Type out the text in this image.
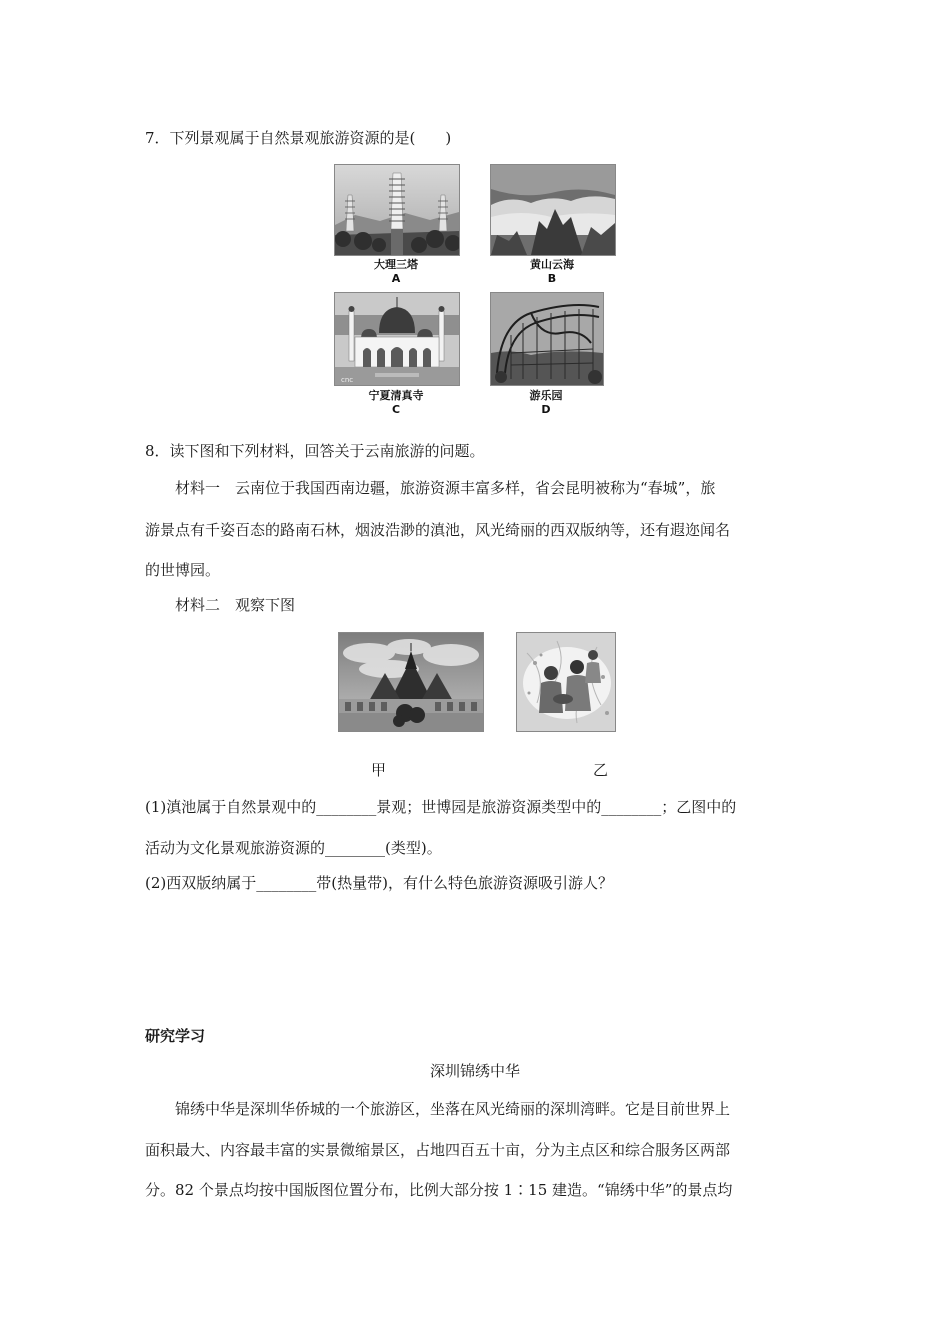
7．下列景观属于自然景观旅游资源的是(　　)
大理三塔
A
黄山云海
B
cnc
宁夏清真寺
C
游乐园
D
8．读下图和下列材料，回答关于云南旅游的问题。
材料一　云南位于我国西南边疆，旅游资源丰富多样，省会昆明被称为“春城”，旅
游景点有千姿百态的路南石林，烟波浩渺的滇池，风光绮丽的西双版纳等，还有遐迩闻名
的世博园。
材料二　观察下图
甲	乙
(1)滇池属于自然景观中的________景观；世博园是旅游资源类型中的________；乙图中的
活动为文化景观旅游资源的________(类型)。
(2)西双版纳属于________带(热量带)，有什么特色旅游资源吸引游人？
研究学习
深圳锦绣中华
锦绣中华是深圳华侨城的一个旅游区，坐落在风光绮丽的深圳湾畔。它是目前世界上
面积最大、内容最丰富的实景微缩景区，占地四百五十亩，分为主点区和综合服务区两部
分。82 个景点均按中国版图位置分布，比例大部分按 1∶15 建造。“锦绣中华”的景点均
